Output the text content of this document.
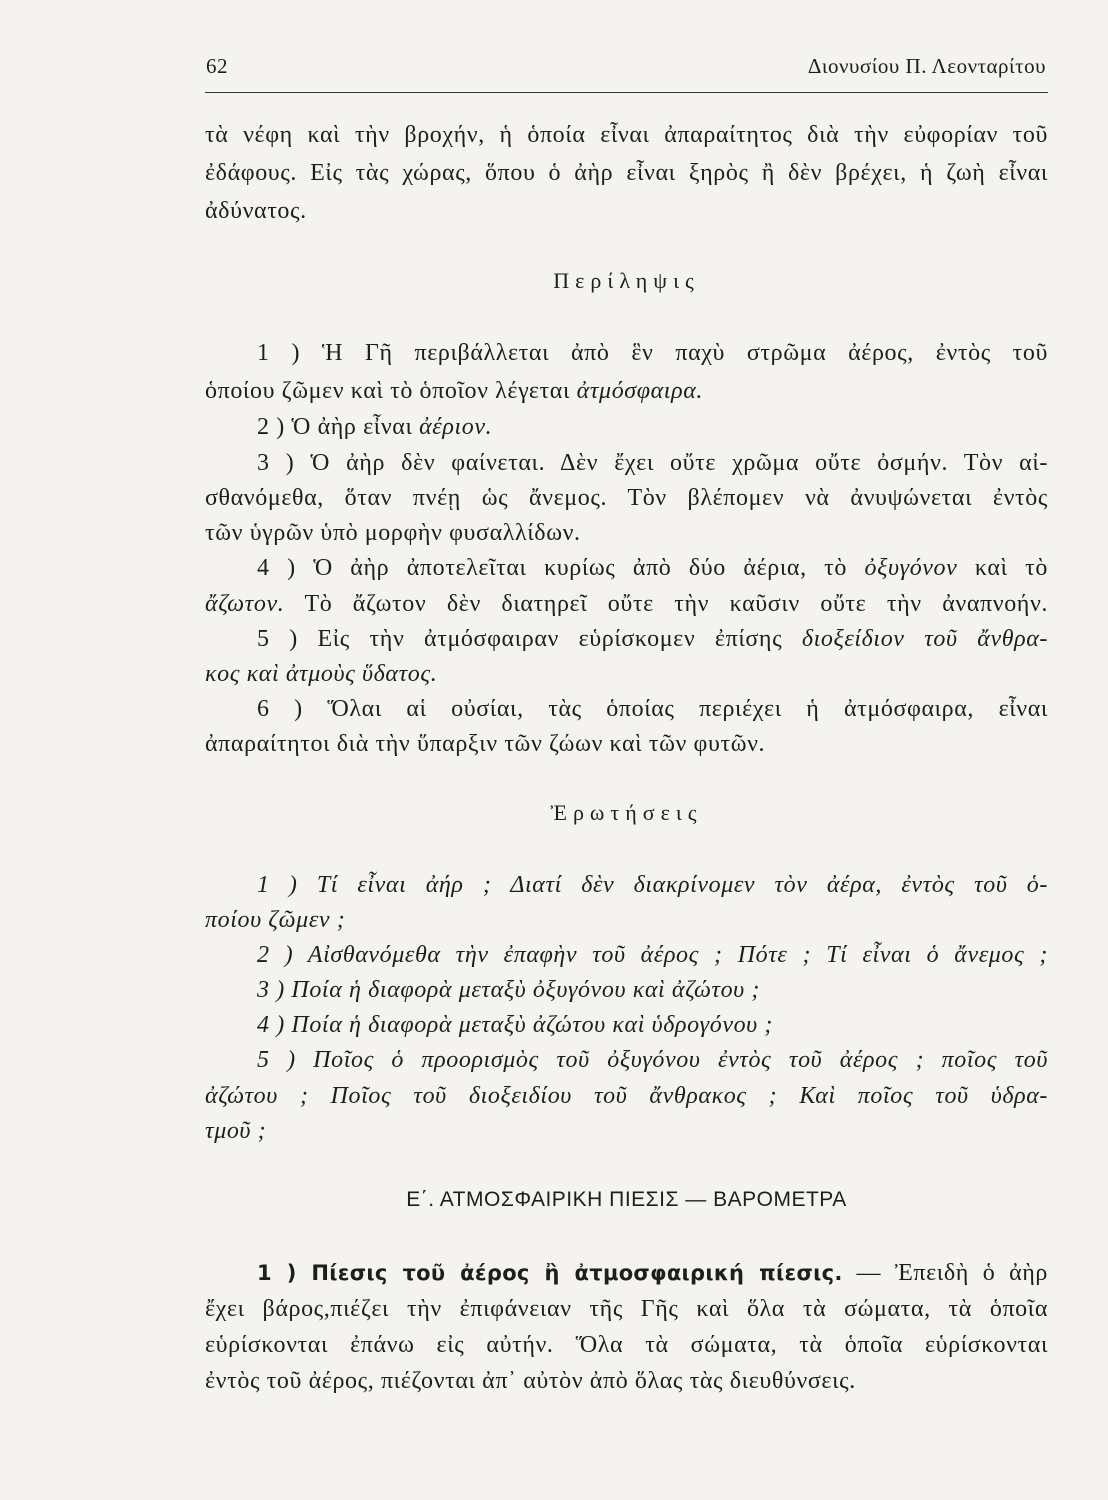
62	Διονυσίου Π. Λεονταρίτου
τὰ νέφη καὶ τὴν βροχήν, ἡ ὁποία εἶναι ἀπαραίτητος διὰ τὴν εὐφορίαν τοῦ
ἐδάφους. Εἰς τὰς χώρας, ὅπου ὁ ἀὴρ εἶναι ξηρὸς ἢ δὲν βρέχει, ἡ ζωὴ εἶναι
ἀδύνατος.
Περίληψις
1 ) Ἡ Γῆ περιβάλλεται ἀπὸ ἓν παχὺ στρῶμα ἀέρος, ἐντὸς τοῦ
ὁποίου ζῶμεν καὶ τὸ ὁποῖον λέγεται ἀτμόσφαιρα.
2 ) Ὁ ἀὴρ εἶναι ἀέριον.
3 ) Ὁ ἀὴρ δὲν φαίνεται. Δὲν ἔχει οὔτε χρῶμα οὔτε ὀσμήν. Τὸν αἰ-
σθανόμεθα, ὅταν πνέῃ ὡς ἄνεμος. Τὸν βλέπομεν νὰ ἀνυψώνεται ἐντὸς
τῶν ὑγρῶν ὑπὸ μορφὴν φυσαλλίδων.
4 ) Ὁ ἀὴρ ἀποτελεῖται κυρίως ἀπὸ δύο ἀέρια, τὸ ὀξυγόνον καὶ τὸ
ἄζωτον. Τὸ ἄζωτον δὲν διατηρεῖ οὔτε τὴν καῦσιν οὔτε τὴν ἀναπνοήν.
5 ) Εἰς τὴν ἀτμόσφαιραν εὑρίσκομεν ἐπίσης διοξείδιον τοῦ ἄνθρα-
κος καὶ ἀτμοὺς ὕδατος.
6 ) Ὅλαι αἱ οὐσίαι, τὰς ὁποίας περιέχει ἡ ἀτμόσφαιρα, εἶναι
ἀπαραίτητοι διὰ τὴν ὕπαρξιν τῶν ζώων καὶ τῶν φυτῶν.
Ἐρωτήσεις
1 ) Τί εἶναι ἀήρ ; Διατί δὲν διακρίνομεν τὸν ἀέρα, ἐντὸς τοῦ ὁ-
ποίου ζῶμεν ;
2 ) Αἰσθανόμεθα τὴν ἐπαφὴν τοῦ ἀέρος ; Πότε ; Τί εἶναι ὁ ἄνεμος ;
3 ) Ποία ἡ διαφορὰ μεταξὺ ὀξυγόνου καὶ ἀζώτου ;
4 ) Ποία ἡ διαφορὰ μεταξὺ ἀζώτου καὶ ὑδρογόνου ;
5 ) Ποῖος ὁ προορισμὸς τοῦ ὀξυγόνου ἐντὸς τοῦ ἀέρος ; ποῖος τοῦ
ἀζώτου ; Ποῖος τοῦ διοξειδίου τοῦ ἄνθρακος ; Καὶ ποῖος τοῦ ὑδρα-
τμοῦ ;
Ε΄. ΑΤΜΟΣΦΑΙΡΙΚΗ ΠΙΕΣΙΣ — ΒΑΡΟΜΕΤΡΑ
1 ) Πίεσις τοῦ ἀέρος ἢ ἀτμοσφαιρική πίεσις. — Ἐπειδὴ ὁ ἀὴρ
ἔχει βάρος,πιέζει τὴν ἐπιφάνειαν τῆς Γῆς καὶ ὅλα τὰ σώματα, τὰ ὁποῖα
εὑρίσκονται ἐπάνω εἰς αὐτήν. Ὅλα τὰ σώματα, τὰ ὁποῖα εὑρίσκονται
ἐντὸς τοῦ ἀέρος, πιέζονται ἀπ᾽ αὐτὸν ἀπὸ ὅλας τὰς διευθύνσεις.
